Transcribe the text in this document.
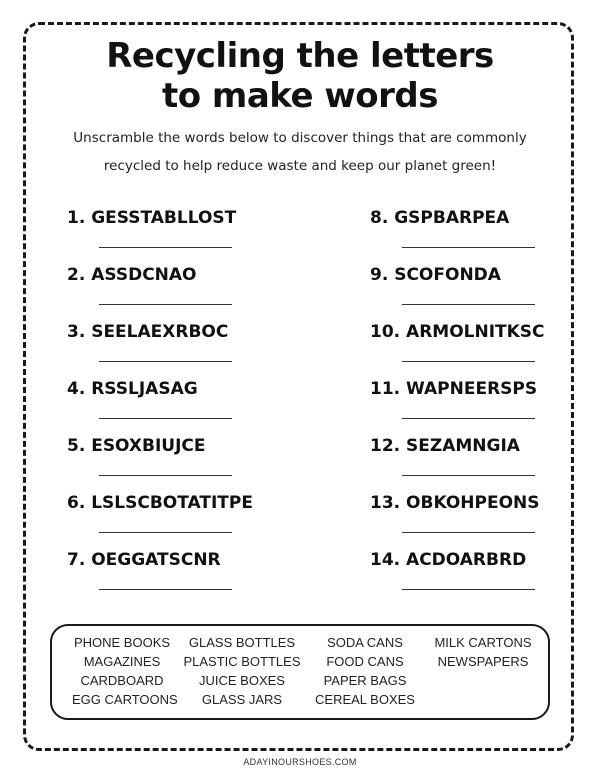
Recycling the letters
to make words
Unscramble the words below to discover things that are commonly
recycled to help reduce waste and keep our planet green!
1. GESSTABLLOST
2. ASSDCNAO
3. SEELAEXRBOC
4. RSSLJASAG
5. ESOXBIUJCE
6. LSLSCBOTATITPE
7. OEGGATSCNR
8. GSPBARPEA
9. SCOFONDA
10. ARMOLNITKSC
11. WAPNEERSPS
12. SEZAMNGIA
13. OBKOHPEONS
14. ACDOARBRD
PHONE BOOKS
MAGAZINES
CARDBOARD
EGG CARTOONS
GLASS BOTTLES
PLASTIC BOTTLES
JUICE BOXES
GLASS JARS
SODA CANS
FOOD CANS
PAPER BAGS
CEREAL BOXES
MILK CARTONS
NEWSPAPERS
ADAYINOURSHOES.COM
